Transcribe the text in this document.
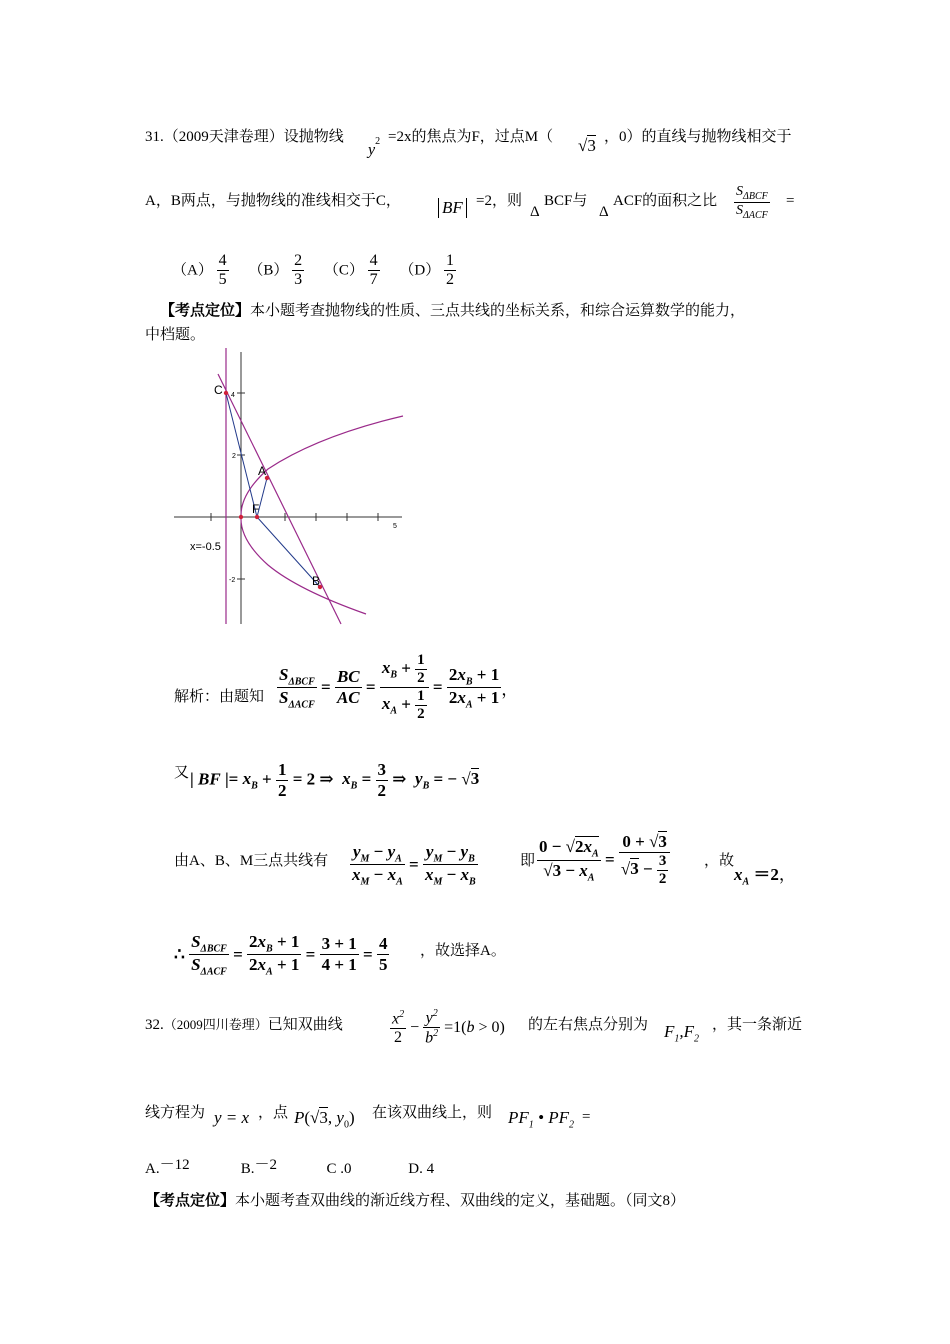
31.（2009天津卷理）设抛物线
$y^2 =2x$的焦点为F，过点M（ √3 ，0）的直线与抛物线相交于
A，B两点，与抛物线的准线相交于C， BF =2，则
Δ
BCF与
Δ
ACF的面积之比 $\frac{S_{\Delta BCF}}{S_{\Delta ACF}}$ =
$(A) \frac{4}{5} (B) \frac{2}{3} (C) \frac{4}{7} (D) \frac{1}{2}$
【考点定位】本小题考查抛物线的性质、三点共线的坐标关系，和综合运算数学的能力，
中档题。
C
A
F
B
x=-0.5
4
2
-2
5
解析：由题知 $\frac{S_{\Delta BCF}}{S_{\Delta ACF}} = \frac{BC}{AC} = \frac{x_B + \frac{1}{2}}{x_A + \frac{1}{2}} = \frac{2x_B + 1}{2x_A + 1}$ ，
又 | BF |= $x_B + \frac{1}{2} = 2$ ⇒  $x_B = \frac{3}{2}$ ⇒  $y_B$ = − √3
由A、B、M三点共线有 $\frac{y_M - y_A}{x_M - x_A} = \frac{y_M - y_B}{x_M - x_B}$	即 $\frac{0 - √2x_A}{√3 - x_A} = \frac{0 + √3}{√3 - \frac{3}{2}}$ ，故
$x_A =2$，
∴ $\frac{S_{\Delta BCF}}{S_{\Delta ACF}} = \frac{2x_B + 1}{2x_A + 1} = \frac{3 + 1}{4 + 1} = \frac{4}{5}$ ，故选择A。
32.（2009四川卷理）已知双曲线	$\frac{x^2}{2} - \frac{y^2}{b^2} =1(b > 0)$ 的左右焦点分别为 $F_1,F_2$
，其一条渐近
线方程为 y = x ，点 P(√3, $y_0$) 在该双曲线上，则 $PF_1$ • $PF_2$ =
A.－12	B.－2	C .0	D. 4
【考点定位】本小题考查双曲线的渐近线方程、双曲线的定义，基础题。（同文8）
